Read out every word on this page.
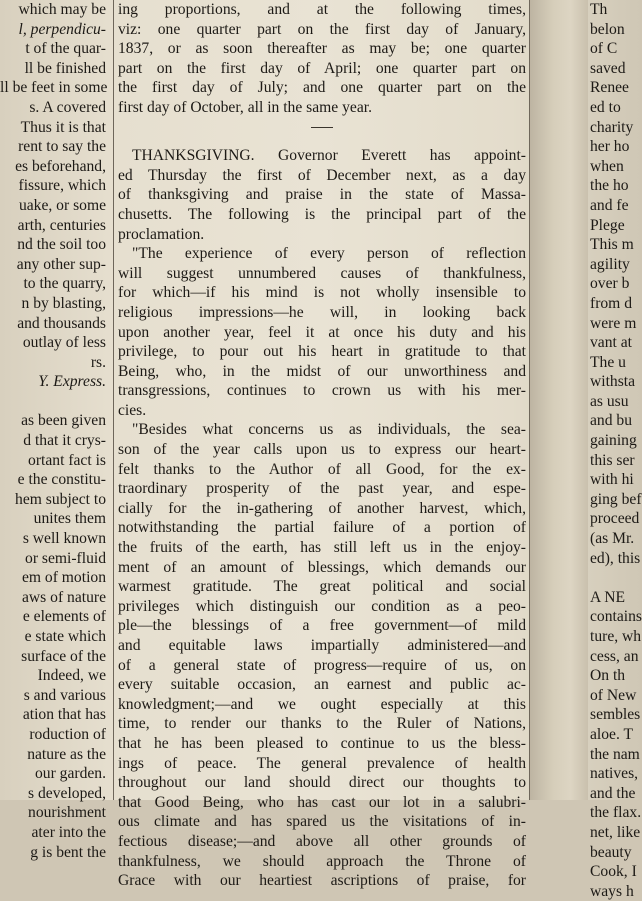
which may be
l, perpendicu-
t of the quar-
ll be finished
ll be feet in some
s. A covered
Thus it is that
rent to say the
es beforehand,
fissure, which
uake, or some
arth, centuries
nd the soil too
any other sup-
to the quarry,
n by blasting,
and thousands
outlay of less
rs.
Y. Express.
as been given
d that it crys-
ortant fact is
e the constitu-
hem subject to
unites them
s well known
or semi-fluid
em of motion
aws of nature
e elements of
e state which
surface of the
Indeed, we
s and various
ation that has
roduction of
nature as the
our garden.
s developed,
nourishment
ater into the
g is bent the
ing proportions, and at the following times,
viz: one quarter part on the first day of January,
1837, or as soon thereafter as may be; one quarter
part on the first day of April; one quarter part on
the first day of July; and one quarter part on the
first day of October, all in the same year.
THANKSGIVING. Governor Everett has appoint-
ed Thursday the first of December next, as a day
of thanksgiving and praise in the state of Massa-
chusetts. The following is the principal part of the
proclamation.
"The experience of every person of reflection
will suggest unnumbered causes of thankfulness,
for which—if his mind is not wholly insensible to
religious impressions—he will, in looking back
upon another year, feel it at once his duty and his
privilege, to pour out his heart in gratitude to that
Being, who, in the midst of our unworthiness and
transgressions, continues to crown us with his mer-
cies.
"Besides what concerns us as individuals, the sea-
son of the year calls upon us to express our heart-
felt thanks to the Author of all Good, for the ex-
traordinary prosperity of the past year, and espe-
cially for the in-gathering of another harvest, which,
notwithstanding the partial failure of a portion of
the fruits of the earth, has still left us in the enjoy-
ment of an amount of blessings, which demands our
warmest gratitude. The great political and social
privileges which distinguish our condition as a peo-
ple—the blessings of a free government—of mild
and equitable laws impartially administered—and
of a general state of progress—require of us, on
every suitable occasion, an earnest and public ac-
knowledgment;—and we ought especially at this
time, to render our thanks to the Ruler of Nations,
that he has been pleased to continue to us the bless-
ings of peace. The general prevalence of health
throughout our land should direct our thoughts to
that Good Being, who has cast our lot in a salubri-
ous climate and has spared us the visitations of in-
fectious disease;—and above all other grounds of
thankfulness, we should approach the Throne of
Grace with our heartiest ascriptions of praise, for
Th
belon
of C
saved
Renee
ed to
charity
her ho
when
the ho
and fe
Plege
This m
agility
over b
from d
were m
vant at
The u
withsta
as usu
and bu
gaining
this ser
with hi
ging bef
proceed
(as Mr.
ed), this
A NE
contains
ture, wh
cess, an
On th
of New
sembles
aloe. T
the nam
natives,
and the
the flax.
net, like
beauty
Cook, I
ways h
